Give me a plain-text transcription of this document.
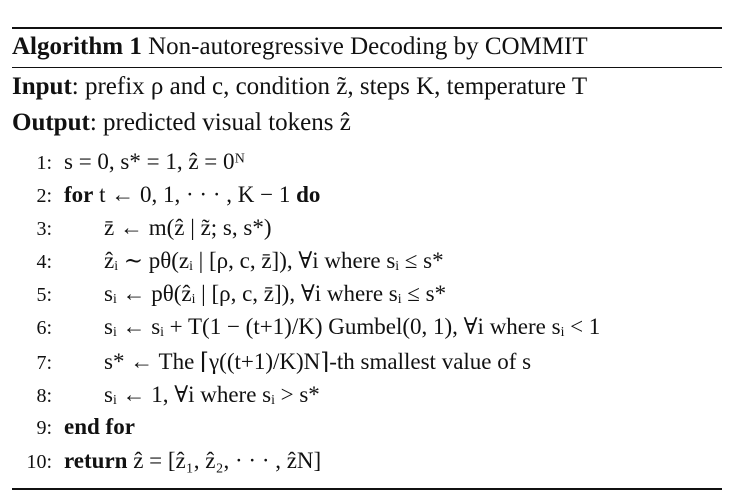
Algorithm 1 Non-autoregressive Decoding by COMMIT
Input: prefix ρ and c, condition z̃, steps K, temperature T
Output: predicted visual tokens ẑ
1: s = 0, s* = 1, ẑ = 0ᴺ
2: for t ← 0, 1, · · · , K − 1 do
3: z̄ ← m(ẑ | z̃; s, s*)
4: ẑᵢ ∼ pθ(zᵢ | [ρ, c, z̄]), ∀i where sᵢ ≤ s*
5: sᵢ ← pθ(ẑᵢ | [ρ, c, z̄]), ∀i where sᵢ ≤ s*
6: sᵢ ← sᵢ + T(1 − (t+1)/K) Gumbel(0, 1), ∀i where sᵢ < 1
7: s* ← The ⌈γ((t+1)/K)N⌉-th smallest value of s
8: sᵢ ← 1, ∀i where sᵢ > s*
9: end for
10: return ẑ = [ẑ₁, ẑ₂, · · · , ẑN]
